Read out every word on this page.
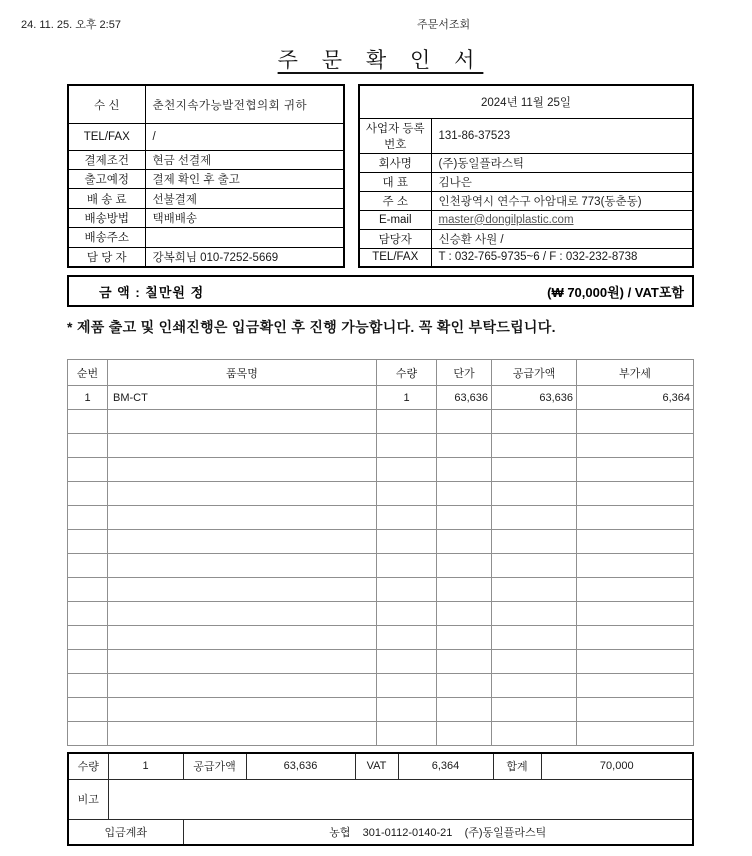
24. 11. 25. 오후 2:57	주문서조회
주 문 확 인 서
수 신	춘천지속가능발전협의회 귀하
TEL/FAX	/
결제조건	현금 선결제
출고예정	결제 확인 후 출고
배 송 료	선불결제
배송방법	택배배송
배송주소	
담 당 자	강복희님 010-7252-5669
2024년 11월 25일	
사업자 등록번호	131-86-37523
회사명	(주)동일플라스틱
대 표	김나은
주 소	인천광역시 연수구 아암대로 773(동춘동)
E-mail	master@dongilplastic.com
담당자	신승환 사원 /
TEL/FAX	T : 032-765-9735~6 / F : 032-232-8738
금 액 : 칠만원 정	(₩ 70,000원) / VAT포함
* 제품 출고 및 인쇄진행은 입금확인 후 진행 가능합니다. 꼭 확인 부탁드립니다.
순번	품목명	수량	단가	공급가액	부가세
1	BM-CT	1	63,636	63,636	6,364

수량	1	공급가액	63,636	VAT	6,364	합계	70,000
비고							
입금계좌		농협    301-0112-0140-21    (주)동일플라스틱					
